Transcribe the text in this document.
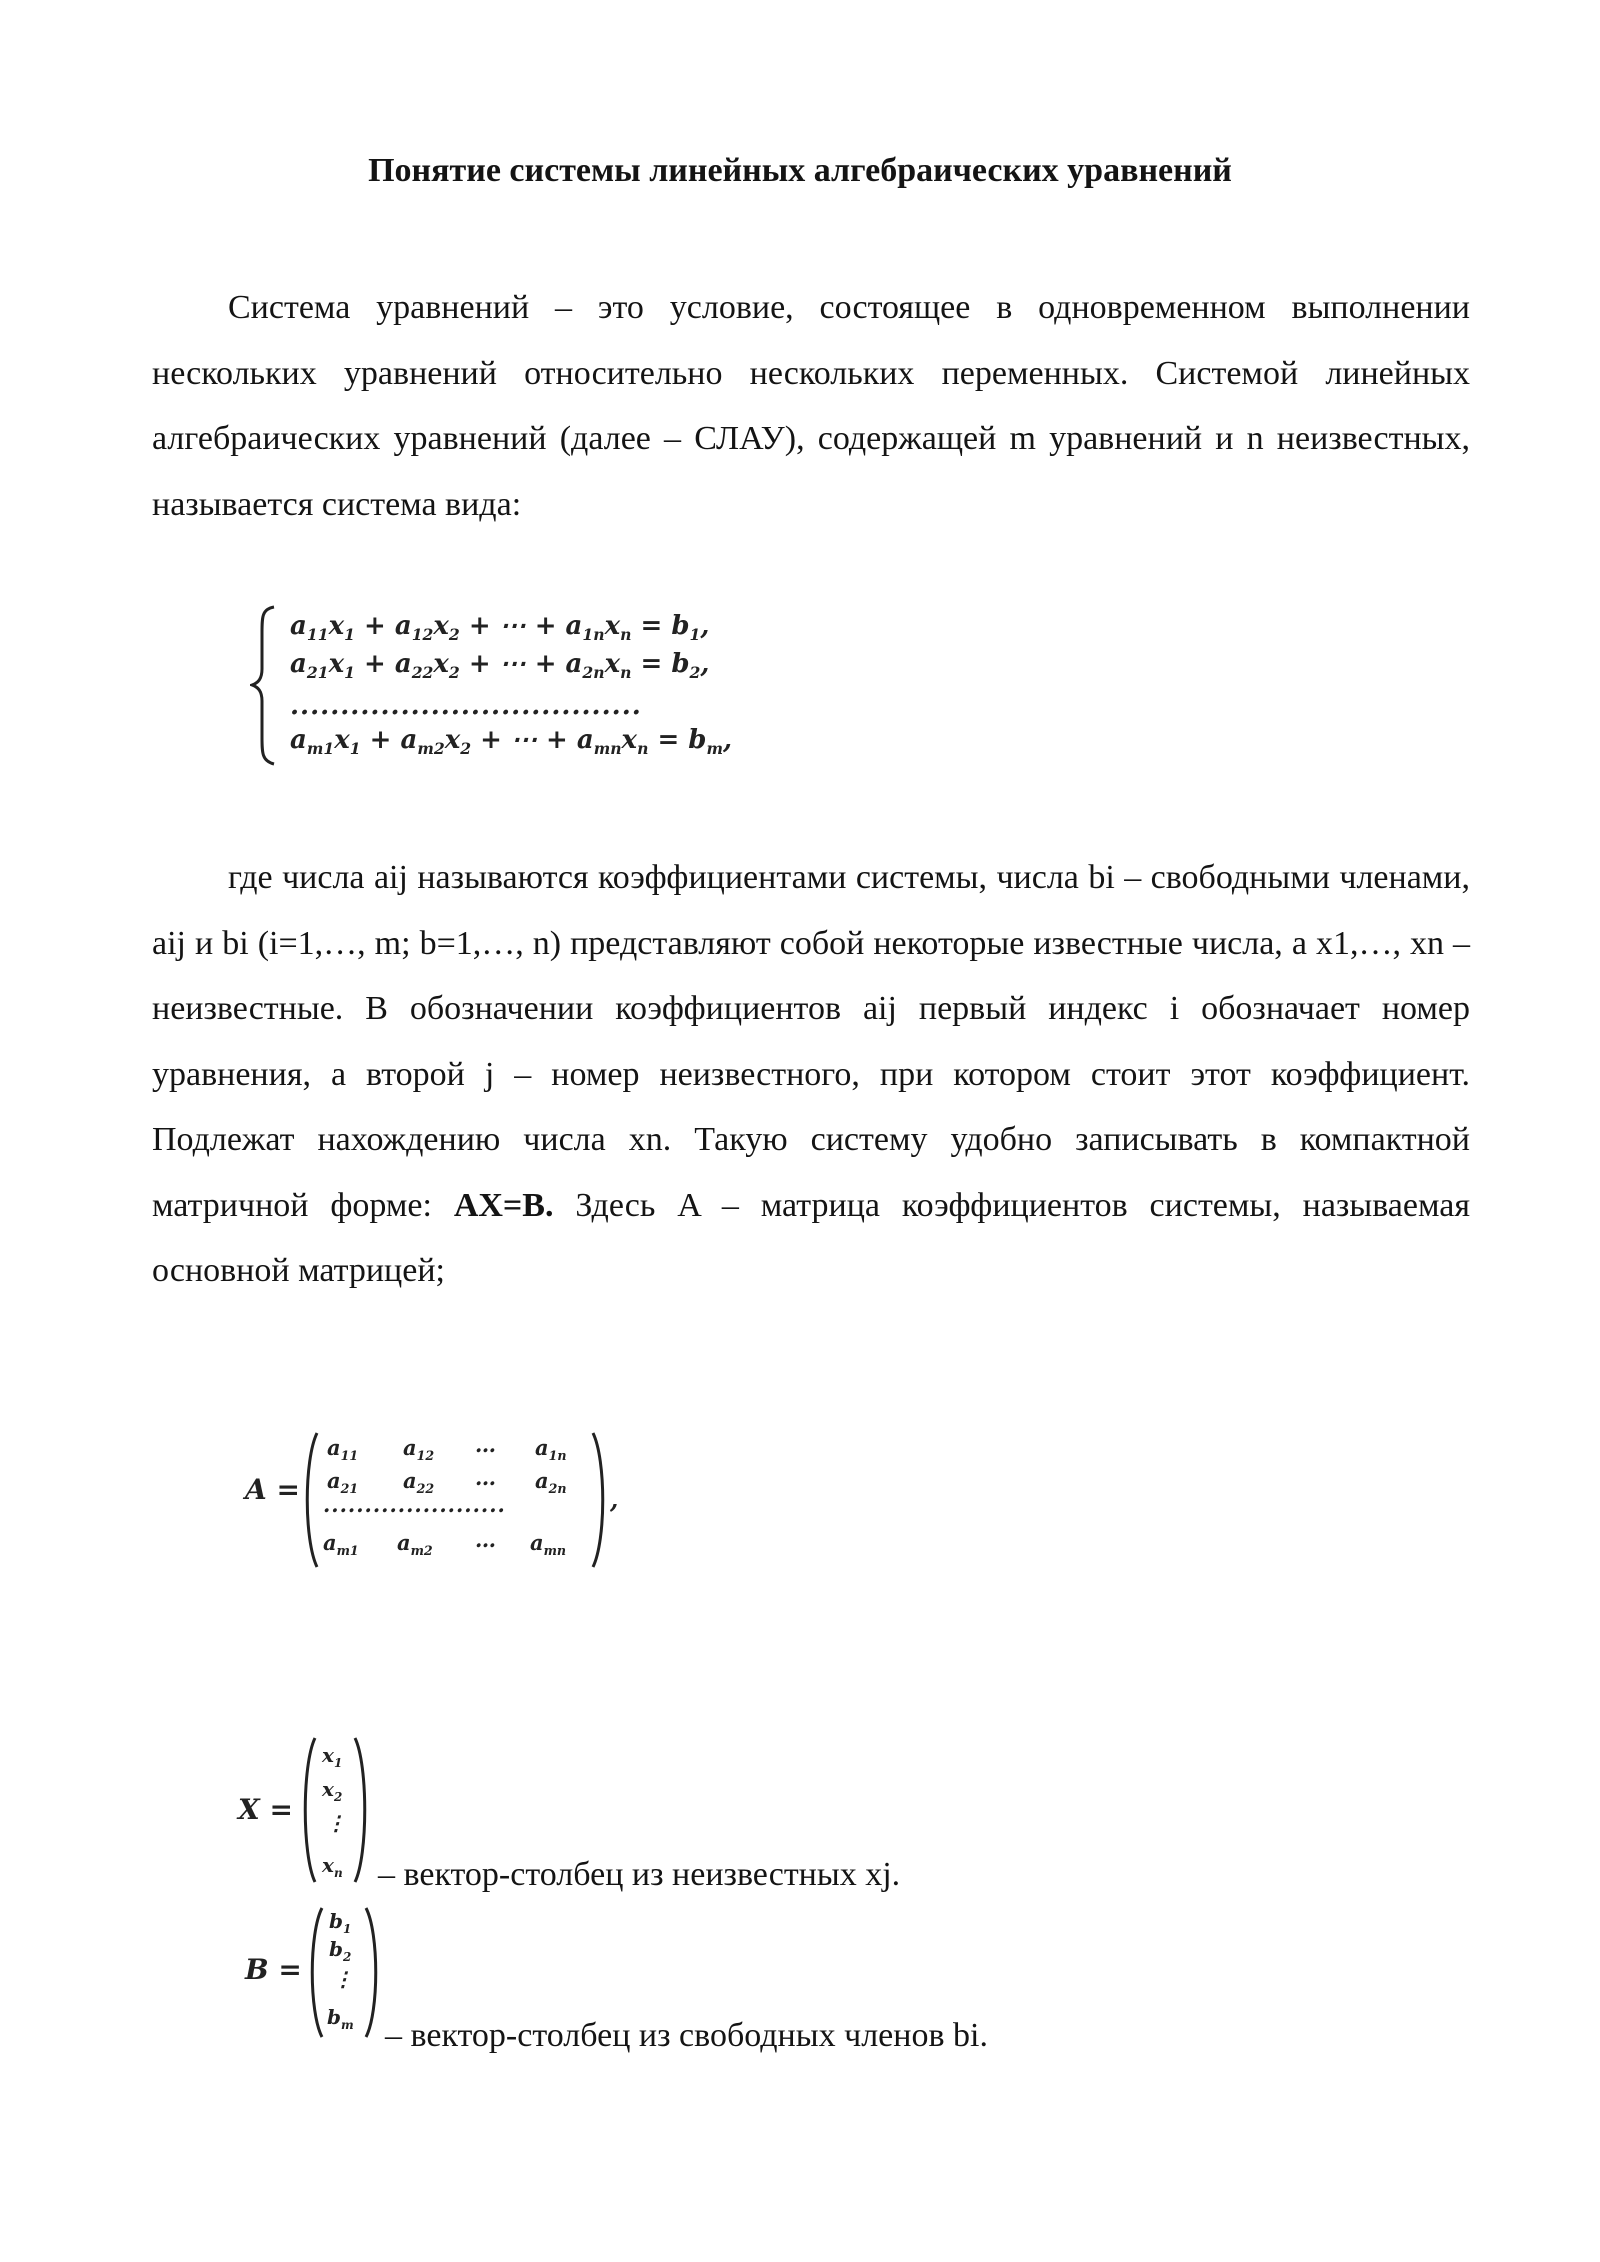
Понятие системы линейных алгебраических уравнений

Система уравнений – это условие, состоящее в одновременном выполнении нескольких уравнений относительно нескольких переменных. Системой линейных алгебраических уравнений (далее – СЛАУ), содержащей m уравнений и n неизвестных, называется система вида:

$a_{11}x_1 + a_{12}x_2$ + ⋯ + $a_{1n}x_n = b_1$,
$a_{21}x_1 + a_{22}x_2$ + ⋯ + $a_{2n}x_n = b_2$,
...................................
$a_{m1}x_1 + a_{m2}x_2$ + ⋯ + $a_{mn}x_n = b_m$,

где числа aij называются коэффициентами системы, числа bi – свободными членами, aij и bi (i=1,…, m; b=1,…, n) представляют собой некоторые известные числа, а x1,…, xn – неизвестные. В обозначении коэффициентов aij первый индекс i обозначает номер уравнения, а второй j – номер неизвестного, при котором стоит этот коэффициент. Подлежат нахождению числа xn. Такую систему удобно записывать в компактной матричной форме: AX=B. Здесь A – матрица коэффициентов системы, называемая основной матрицей;

A =
$a_{11}$ $a_{12}$ … $a_{1n}$
$a_{21}$ $a_{22}$ … $a_{2n}$
......................
$a_{m1}$ $a_{m2}$ … $a_{mn}$
,
X =
$x_1$
$x_2$
⋮
$x_n$ – вектор-столбец из неизвестных xj.
B =
$b_1$
$b_2$
⋮
$b_m$ – вектор-столбец из свободных членов bi.
